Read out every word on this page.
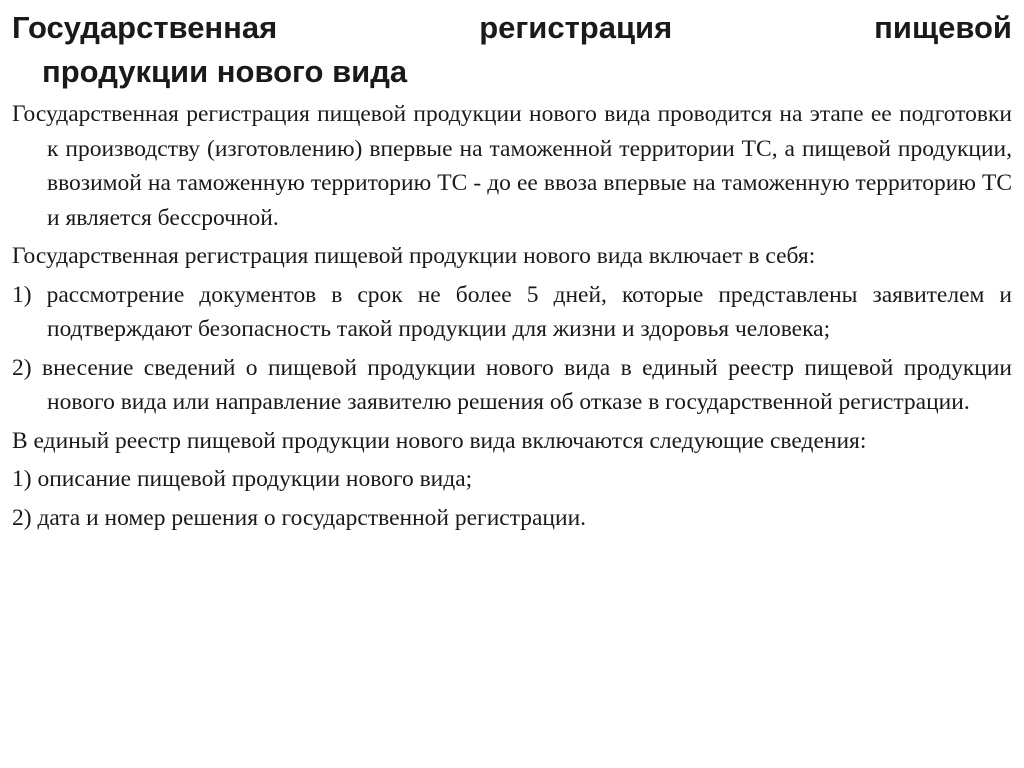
Государственная	регистрация	пищевой
продукции нового вида

Государственная регистрация пищевой продукции нового вида проводится на этапе ее подготовки к производству (изготовлению) впервые на таможенной территории ТС, а пищевой продукции, ввозимой на таможенную территорию ТС - до ее ввоза впервые на таможенную территорию ТС и является бессрочной.

Государственная регистрация пищевой продукции нового вида включает в себя:

1) рассмотрение документов в срок не более 5 дней, которые представлены заявителем и подтверждают безопасность такой продукции для жизни и здоровья человека;

2) внесение сведений о пищевой продукции нового вида в единый реестр пищевой продукции нового вида или направление заявителю решения об отказе в государственной регистрации.

В единый реестр пищевой продукции нового вида включаются следующие сведения:

1) описание пищевой продукции нового вида;

2) дата и номер решения о государственной регистрации.
